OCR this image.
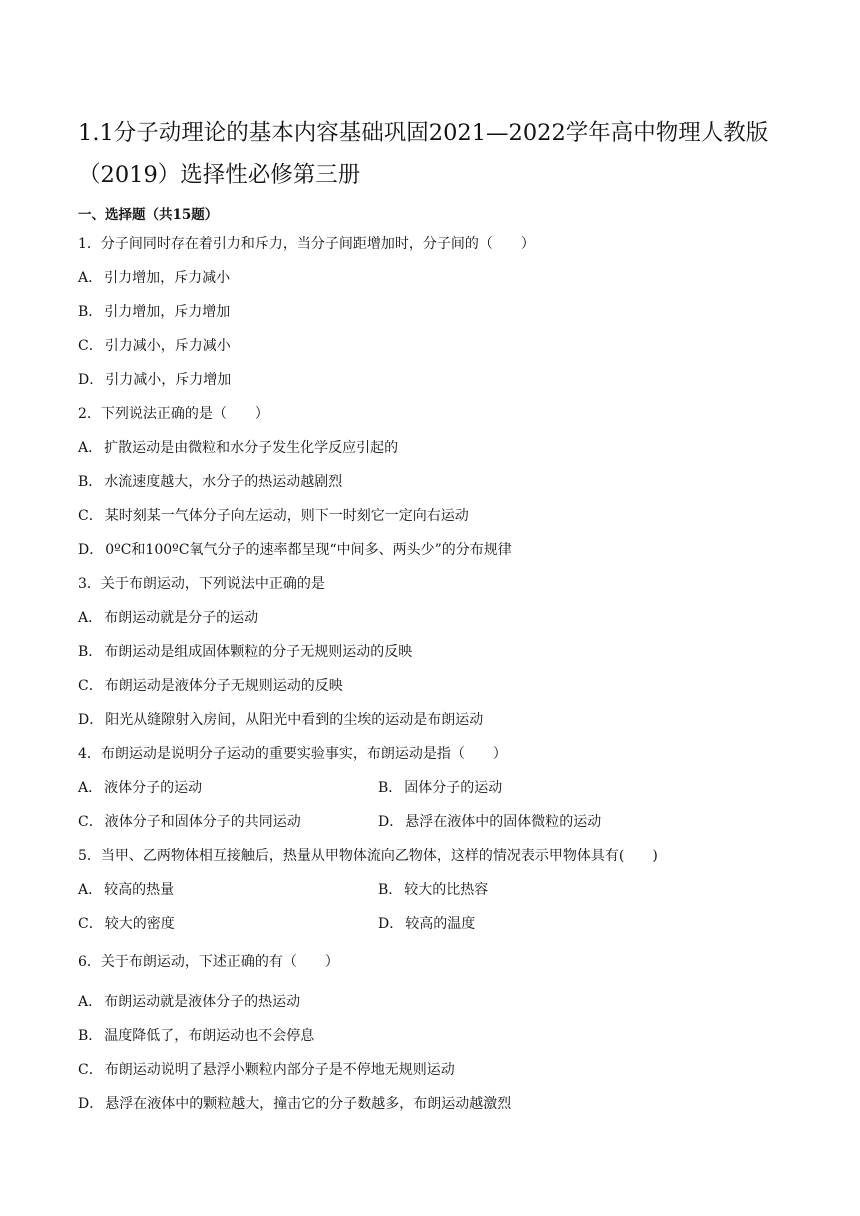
1.1分子动理论的基本内容基础巩固2021—2022学年高中物理人教版（2019）选择性必修第三册
一、选择题（共15题）
1．分子间同时存在着引力和斥力，当分子间距增加时，分子间的（　　）
A． 引力增加，斥力减小
B． 引力增加，斥力增加
C． 引力减小，斥力减小
D． 引力减小，斥力增加
2．下列说法正确的是（　　）
A． 扩散运动是由微粒和水分子发生化学反应引起的
B． 水流速度越大，水分子的热运动越剧烈
C． 某时刻某一气体分子向左运动，则下一时刻它一定向右运动
D． 0ºC和100ºC氧气分子的速率都呈现“中间多、两头少”的分布规律
3．关于布朗运动，下列说法中正确的是
A． 布朗运动就是分子的运动
B． 布朗运动是组成固体颗粒的分子无规则运动的反映
C． 布朗运动是液体分子无规则运动的反映
D． 阳光从缝隙射入房间，从阳光中看到的尘埃的运动是布朗运动
4．布朗运动是说明分子运动的重要实验事实，布朗运动是指（　　）
A． 液体分子的运动	B． 固体分子的运动
C． 液体分子和固体分子的共同运动	D． 悬浮在液体中的固体微粒的运动
5．当甲、乙两物体相互接触后，热量从甲物体流向乙物体，这样的情况表示甲物体具有(　　)
A． 较高的热量	B． 较大的比热容
C． 较大的密度	D． 较高的温度
6．关于布朗运动，下述正确的有（　　）
A． 布朗运动就是液体分子的热运动
B． 温度降低了，布朗运动也不会停息
C． 布朗运动说明了悬浮小颗粒内部分子是不停地无规则运动
D． 悬浮在液体中的颗粒越大，撞击它的分子数越多，布朗运动越激烈
